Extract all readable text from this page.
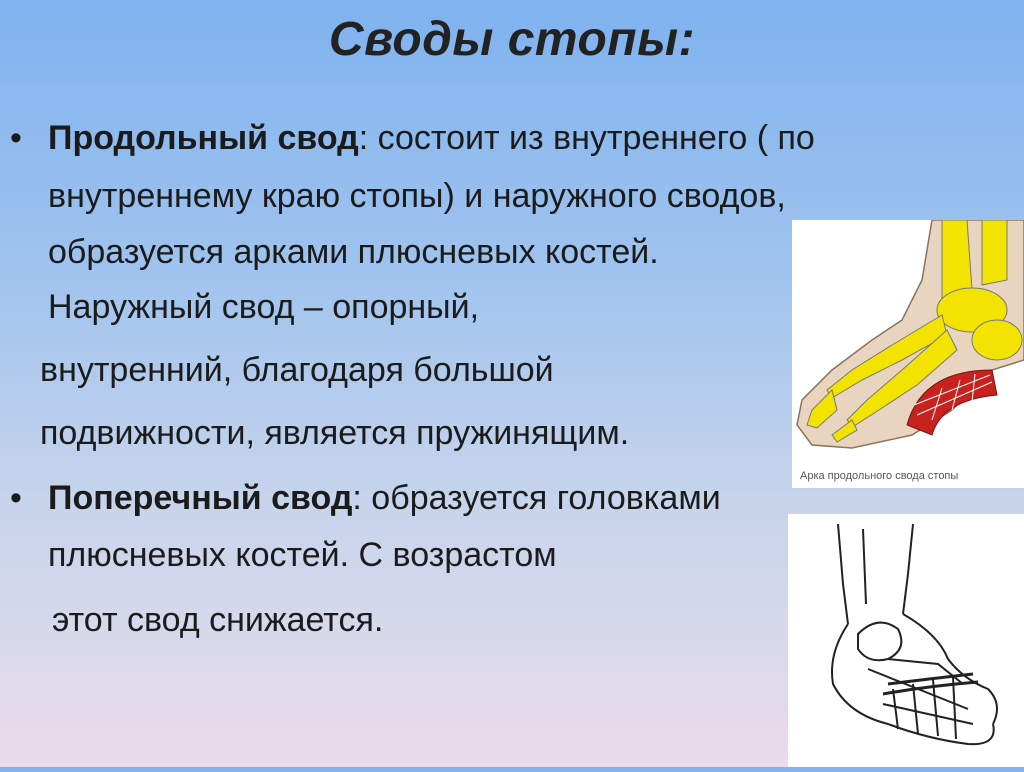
Своды стопы:
• Продольный свод: состоит из внутреннего ( по
внутреннему краю стопы) и наружного сводов,
образуется арками плюсневых костей.
Наружный свод – опорный,
внутренний, благодаря большой
подвижности, является пружинящим.
Арка продольного свода стопы
• Поперечный свод: образуется головками
плюсневых костей. С возрастом
этот свод снижается.
